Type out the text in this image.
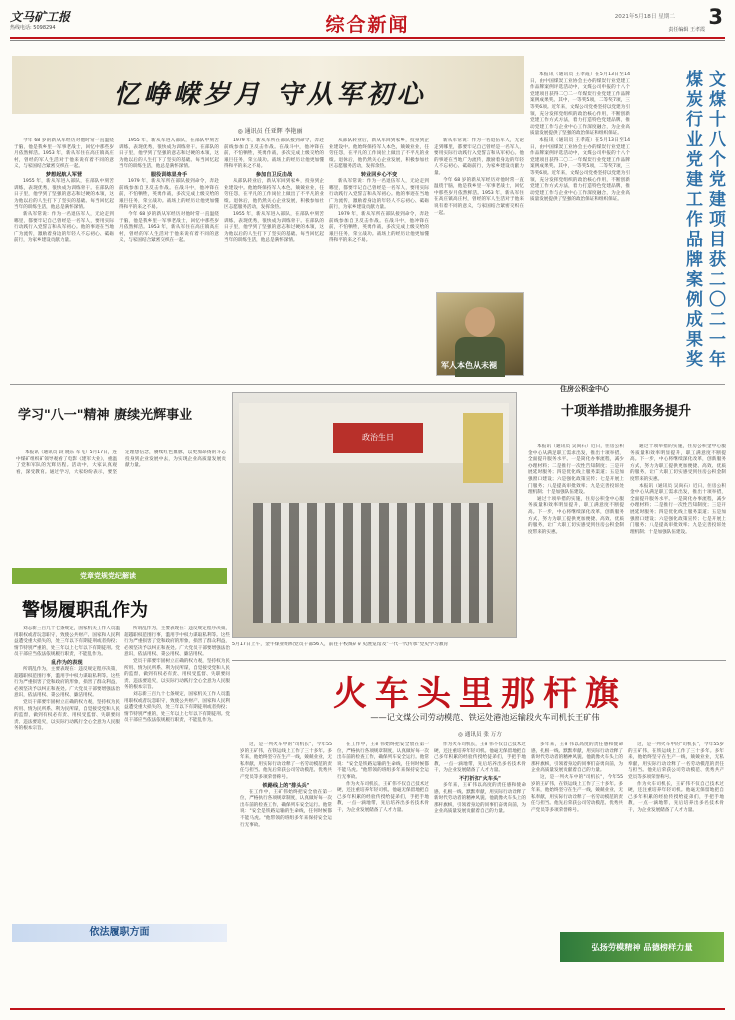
文马矿工报
热线电话: 5098294	综合新闻	2021年5月18日 星期二 3
责任编辑 王孝霞
忆峥嵘岁月 守从军初心
◎ 通讯员 任亚辉 李艳丽

今年 68 岁的新从军经历对他时常一直温绕于脑，他是我乡里一军事老战士，回忆中那些岁月依然鲜活。1953 年，新从军住在高庄镇高庄村，曾经的军人生活对于他来说有着不同的意义，与家国结合紧密交织在一起。

梦想起航人军营

1955 年，新从军进入部队，在部队中刻苦训练，表现优秀，很快成为训练骨干。在部队的日子里，他学到了坚强的意志和过硬的本领，这为他以后的人生打下了坚实的基础。每当回忆起当年的训练生活，他总是满怀深情。

新从军常说：作为一名退伍军人，无论走到哪里，都要牢记自己曾经是一名军人，要用实际行动践行入党誓言和从军初心。他的事迹在当地广为流传，激励着身边的年轻人不忘初心、砥砺前行，为家乡建设贡献力量。

1955 年，新从军进入部队，在部队中刻苦训练，表现优秀，很快成为训练骨干。在部队的日子里，他学到了坚强的意志和过硬的本领，这为他以后的人生打下了坚实的基础。每当回忆起当年的训练生活，他总是满怀深情。

服役训练显身手

1979 年，新从军所在部队接到命令，奔赴前线参加自卫反击作战。在战斗中，他冲锋在前，不怕牺牲，英勇作战，多次完成上级交给的艰巨任务，荣立战功。战场上的经历让他更加懂得和平的来之不易。

今年 68 岁的新从军经历对他时常一直温绕于脑，他是我乡里一军事老战士，回忆中那些岁月依然鲜活。1953 年，新从军住在高庄镇高庄村，曾经的军人生活对于他来说有着不同的意义，与家国结合紧密交织在一起。

1979 年，新从军所在部队接到命令，奔赴前线参加自卫反击作战。在战斗中，他冲锋在前，不怕牺牲，英勇作战，多次完成上级交给的艰巨任务，荣立战功。战场上的经历让他更加懂得和平的来之不易。

参加自卫反击战

从部队转业后，新从军回到家乡，投身到企业建设中。他始终保持军人本色，兢兢业业，任劳任怨，在平凡的工作岗位上做出了不平凡的业绩。退休后，他仍然关心企业发展，积极参加社区志愿服务活动，发挥余热。

1955 年，新从军进入部队，在部队中刻苦训练，表现优秀，很快成为训练骨干。在部队的日子里，他学到了坚强的意志和过硬的本领，这为他以后的人生打下了坚实的基础。每当回忆起当年的训练生活，他总是满怀深情。

从部队转业后，新从军回到家乡，投身到企业建设中。他始终保持军人本色，兢兢业业，任劳任怨，在平凡的工作岗位上做出了不平凡的业绩。退休后，他仍然关心企业发展，积极参加社区志愿服务活动，发挥余热。

转业回乡心不变

新从军常说：作为一名退伍军人，无论走到哪里，都要牢记自己曾经是一名军人，要用实际行动践行入党誓言和从军初心。他的事迹在当地广为流传，激励着身边的年轻人不忘初心、砥砺前行，为家乡建设贡献力量。

1979 年，新从军所在部队接到命令，奔赴前线参加自卫反击作战。在战斗中，他冲锋在前，不怕牺牲，英勇作战，多次完成上级交给的艰巨任务，荣立战功。战场上的经历让他更加懂得和平的来之不易。

新从军常说：作为一名退伍军人，无论走到哪里，都要牢记自己曾经是一名军人，要用实际行动践行入党誓言和从军初心。他的事迹在当地广为流传，激励着身边的年轻人不忘初心、砥砺前行，为家乡建设贡献力量。

今年 68 岁的新从军经历对他时常一直温绕于脑，他是我乡里一军事老战士，回忆中那些岁月依然鲜活。1953 年，新从军住在高庄镇高庄村，曾经的军人生活对于他来说有着不同的意义，与家国结合紧密交织在一起。

军人本色从未褪

本报讯（通讯员 王孝霞）在5月13日至14日，由中国煤炭工业协会主办的煤炭行业党建工作品牌案例评选活动中，文煤公司申报的十八个党建项目获得二〇二一年煤炭行业党建工作品牌案例成果奖。其中，一等奖5项，二等奖7项，三等奖6项。近年来，文煤公司党委坚持以党建为引领，充分发挥党组织的政治核心作用，不断创新党建工作方式方法，着力打造特色党建品牌，推动党建工作与企业中心工作深度融合，为企业高质量发展提供了坚强的政治保证和组织保证。

本报讯（通讯员 王孝霞）在5月13日至14日，由中国煤炭工业协会主办的煤炭行业党建工作品牌案例评选活动中，文煤公司申报的十八个党建项目获得二〇二一年煤炭行业党建工作品牌案例成果奖。其中，一等奖5项，二等奖7项，三等奖6项。近年来，文煤公司党委坚持以党建为引领，充分发挥党组织的政治核心作用，不断创新党建工作方式方法，着力打造特色党建品牌，推动党建工作与企业中心工作深度融合，为企业高质量发展提供了坚强的政治保证和组织保证。	文煤十八个党建项目获二〇二一年煤炭行业党建工作品牌案例成果奖
学习"八一"精神 赓续光辉事业

本报讯（通讯员 段 晓东 军飞）5月17日，连中煤矿组织矿领导观看了电影《建军大业》，重温了党和军队的光辉历程。活动中，大家认真观看，深受教育。通过学习，大家纷纷表示，要坚定理想信念，赓续红色血脉，以更加昂扬的斗志投身到企业发展中去，为实现企业高质量发展贡献力量。

政治生日
5月17日上午，金牛煤业组织党员干部56人，前往干校煤矿矿史展览馆及"一代一代传承"党史学习教育
党章党规党纪解读
警惕履职乱作为

刘志新三百九十七条规定，国家机关工作人员滥用职权或者玩忽职守，致使公共财产、国家和人民利益遭受重大损失的，处三年以下有期徒刑或者拘役；情节特别严重的，处三年以上七年以下有期徒刑。党员干部应当依法依规履行职责，不能乱作为。

乱作为的表现

所谓乱作为，主要表现在：违反规定程序决策，超越职权范围行事，滥用手中权力谋取私利等。这些行为严重损害了党和政府的形象，损害了群众利益，必须坚决予以纠正和查处。广大党员干部要增强法治意识，依法用权、秉公用权、廉洁用权。

党员干部要牢固树立正确的权力观，坚持权为民所用、情为民所系、利为民所谋，自觉接受党和人民的监督，做到有权必有责、用权受监督、失职要问责、违法要追究，以实际行动践行全心全意为人民服务的根本宗旨。

所谓乱作为，主要表现在：违反规定程序决策，超越职权范围行事，滥用手中权力谋取私利等。这些行为严重损害了党和政府的形象，损害了群众利益，必须坚决予以纠正和查处。广大党员干部要增强法治意识，依法用权、秉公用权、廉洁用权。

党员干部要牢固树立正确的权力观，坚持权为民所用、情为民所系、利为民所谋，自觉接受党和人民的监督，做到有权必有责、用权受监督、失职要问责、违法要追究，以实际行动践行全心全意为人民服务的根本宗旨。

刘志新三百九十七条规定，国家机关工作人员滥用职权或者玩忽职守，致使公共财产、国家和人民利益遭受重大损失的，处三年以下有期徒刑或者拘役；情节特别严重的，处三年以上七年以下有期徒刑。党员干部应当依法依规履行职责，不能乱作为。

依法履职方面
住房公积金中心
十项举措助推服务提升

本报讯（通讯员 吴尚石）近日，住房公积金中心从满足职工需求出发，推出十项举措，全面提升服务水平。一是简化办事流程，减少办理材料；二是推行一次性告知制度；三是开展延时服务；四是优化线上服务渠道；五是加强窗口建设；六是强化政策宣传；七是开展上门服务；八是提高审批效率；九是完善投诉处理机制；十是加强队伍建设。

通过十项举措的实施，住房公积金中心服务质量和效率明显提升，职工满意度不断提高。下一步，中心将继续深化改革，创新服务方式，努力为职工提供更加便捷、高效、优质的服务，让广大职工切实感受到住房公积金制度带来的实惠。

通过十项举措的实施，住房公积金中心服务质量和效率明显提升，职工满意度不断提高。下一步，中心将继续深化改革，创新服务方式，努力为职工提供更加便捷、高效、优质的服务，让广大职工切实感受到住房公积金制度带来的实惠。

本报讯（通讯员 吴尚石）近日，住房公积金中心从满足职工需求出发，推出十项举措，全面提升服务水平。一是简化办事流程，减少办理材料；二是推行一次性告知制度；三是开展延时服务；四是优化线上服务渠道；五是加强窗口建设；六是强化政策宣传；七是开展上门服务；八是提高审批效率；九是完善投诉处理机制；十是加强队伍建设。

火车头里那杆旗
——记文煤公司劳动模范、铁运处港池运输段火车司机长王矿伟
◎ 通讯员 张 万方

这，是一列火车中的"司机长"，今年55岁的王矿伟，在铁运线上工作了三十多年。多年来，他始终坚守在生产一线，兢兢业业，无私奉献，用实际行动诠释了一名劳动模范的责任与担当。他先后荣获公司劳动模范、优秀共产党员等多项荣誉称号。

铁路线上的"排头兵"

在工作中，王矿伟始终把安全放在第一位，严格执行各项规章制度，认真做好每一次出车前的检查工作，确保列车安全运行。他常说："安全是铁路运输的生命线，任何时候都不能马虎。"他带领的班组多年来保持安全运行无事故。

在工作中，王矿伟始终把安全放在第一位，严格执行各项规章制度，认真做好每一次出车前的检查工作，确保列车安全运行。他常说："安全是铁路运输的生命线，任何时候都不能马虎。"他带领的班组多年来保持安全运行无事故。

作为火车司机长，王矿伟不仅自己技术过硬，还注重培养年轻司机。他毫无保留地把自己多年积累的经验传授给徒弟们，手把手地教，一点一滴地带，先后培养出多名技术骨干，为企业发展储备了人才力量。

作为火车司机长，王矿伟不仅自己技术过硬，还注重培养年轻司机。他毫无保留地把自己多年积累的经验传授给徒弟们，手把手地教，一点一滴地带，先后培养出多名技术骨干，为企业发展储备了人才力量。

不打折扣"火车头"

多年来，王矿伟以高度的责任感和使命感，扎根一线、默默奉献，用实际行动诠释了新时代劳动者的精神风貌。他就像火车头上的那杆旗帜，引领着身边的同事们奋勇向前，为企业高质量发展贡献着自己的力量。

多年来，王矿伟以高度的责任感和使命感，扎根一线、默默奉献，用实际行动诠释了新时代劳动者的精神风貌。他就像火车头上的那杆旗帜，引领着身边的同事们奋勇向前，为企业高质量发展贡献着自己的力量。

这，是一列火车中的"司机长"，今年55岁的王矿伟，在铁运线上工作了三十多年。多年来，他始终坚守在生产一线，兢兢业业，无私奉献，用实际行动诠释了一名劳动模范的责任与担当。他先后荣获公司劳动模范、优秀共产党员等多项荣誉称号。

这，是一列火车中的"司机长"，今年55岁的王矿伟，在铁运线上工作了三十多年。多年来，他始终坚守在生产一线，兢兢业业，无私奉献，用实际行动诠释了一名劳动模范的责任与担当。他先后荣获公司劳动模范、优秀共产党员等多项荣誉称号。

作为火车司机长，王矿伟不仅自己技术过硬，还注重培养年轻司机。他毫无保留地把自己多年积累的经验传授给徒弟们，手把手地教，一点一滴地带，先后培养出多名技术骨干，为企业发展储备了人才力量。

弘扬劳模精神 品德榜样力量
